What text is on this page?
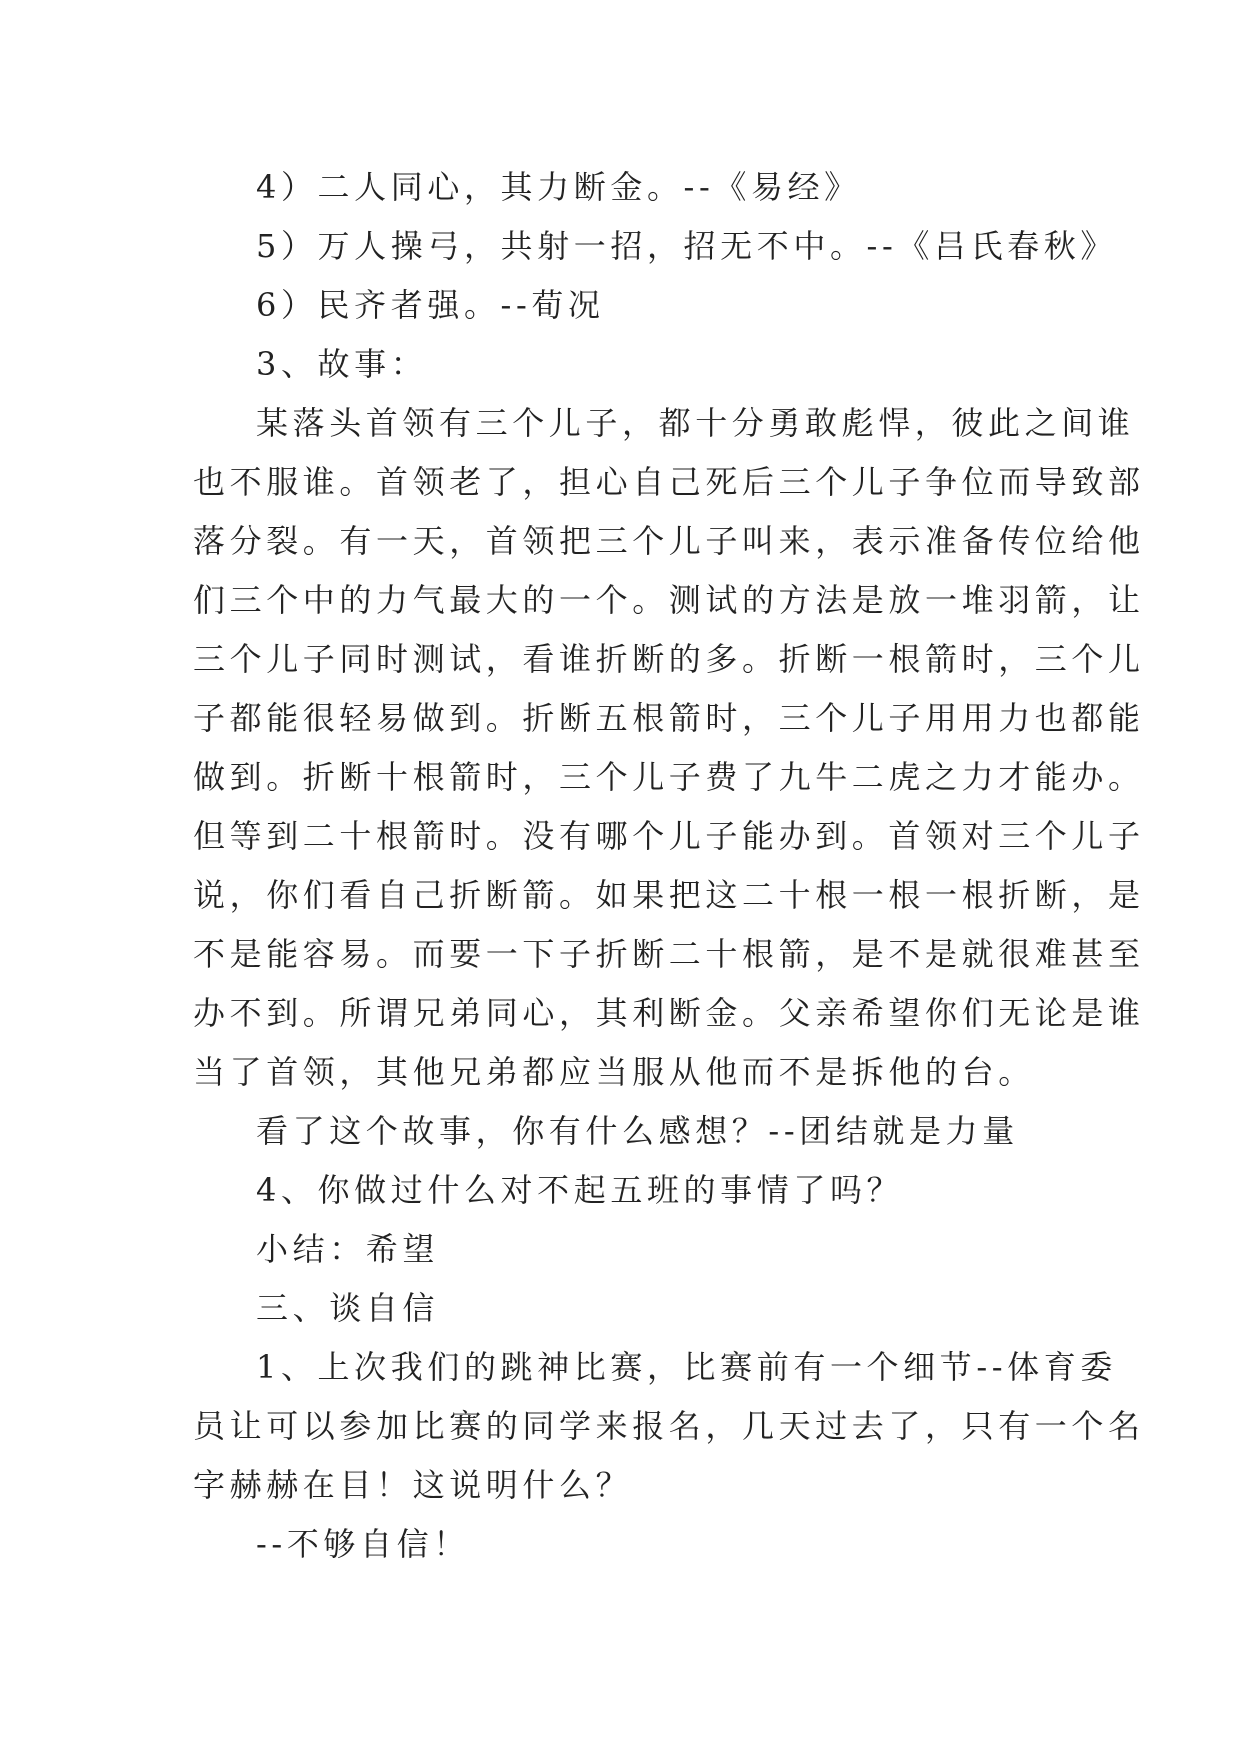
4）二人同心，其力断金。--《易经》
5）万人操弓，共射一招，招无不中。--《吕氏春秋》
6）民齐者强。--荀况
3、故事：
某落头首领有三个儿子，都十分勇敢彪悍，彼此之间谁
也不服谁。首领老了，担心自己死后三个儿子争位而导致部
落分裂。有一天，首领把三个儿子叫来，表示准备传位给他
们三个中的力气最大的一个。测试的方法是放一堆羽箭，让
三个儿子同时测试，看谁折断的多。折断一根箭时，三个儿
子都能很轻易做到。折断五根箭时，三个儿子用用力也都能
做到。折断十根箭时，三个儿子费了九牛二虎之力才能办。
但等到二十根箭时。没有哪个儿子能办到。首领对三个儿子
说，你们看自己折断箭。如果把这二十根一根一根折断，是
不是能容易。而要一下子折断二十根箭，是不是就很难甚至
办不到。所谓兄弟同心，其利断金。父亲希望你们无论是谁
当了首领，其他兄弟都应当服从他而不是拆他的台。
看了这个故事，你有什么感想？--团结就是力量
4、你做过什么对不起五班的事情了吗？
小结：希望
三、谈自信
1、上次我们的跳神比赛，比赛前有一个细节--体育委
员让可以参加比赛的同学来报名，几天过去了，只有一个名
字赫赫在目！这说明什么？
--不够自信！
